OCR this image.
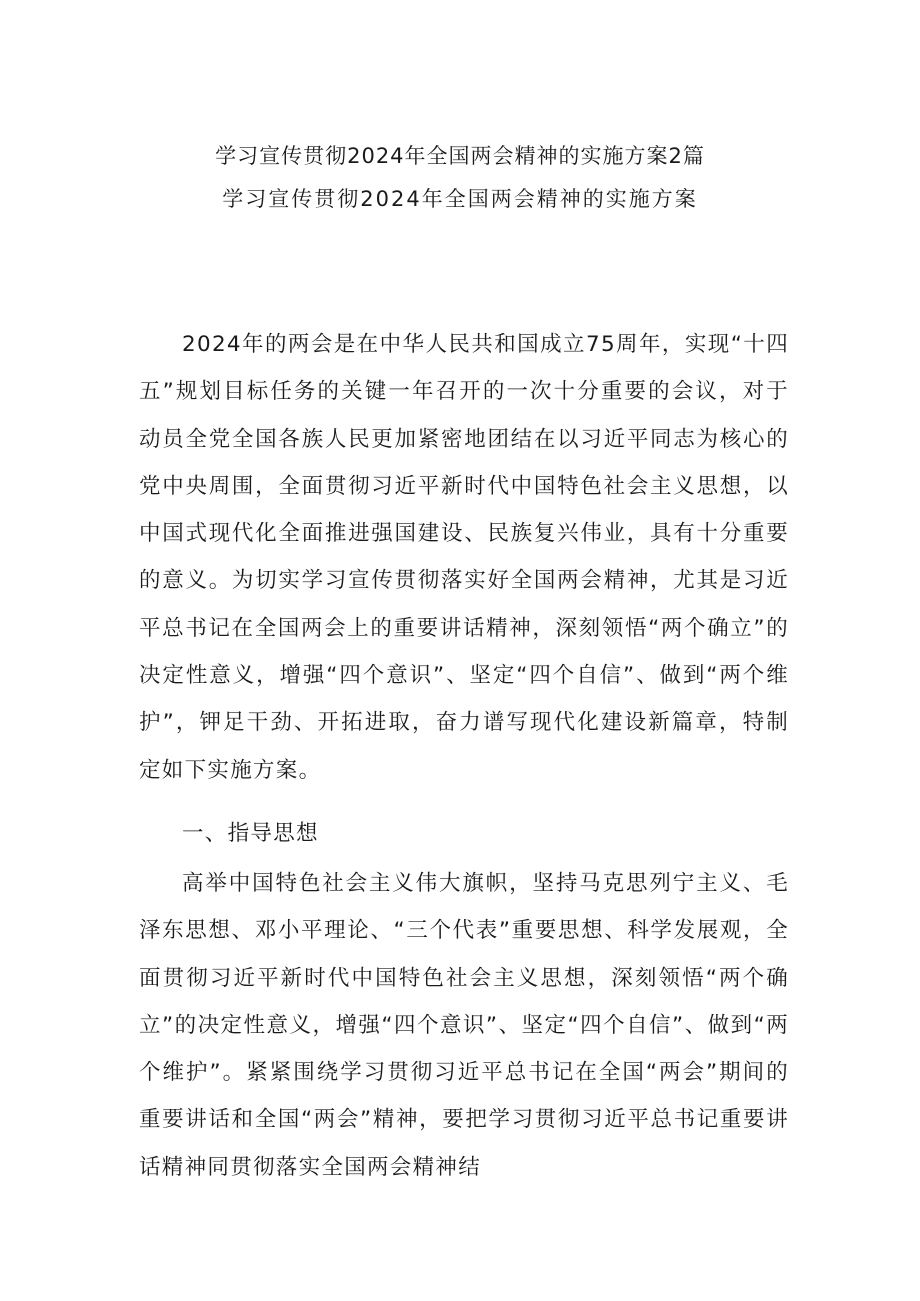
学习宣传贯彻2024年全国两会精神的实施方案2篇
学习宣传贯彻2024年全国两会精神的实施方案

2024年的两会是在中华人民共和国成立75周年，实现“十四五”规划目标任务的关键一年召开的一次十分重要的会议，对于动员全党全国各族人民更加紧密地团结在以习近平同志为核心的党中央周围，全面贯彻习近平新时代中国特色社会主义思想，以中国式现代化全面推进强国建设、民族复兴伟业，具有十分重要的意义。为切实学习宣传贯彻落实好全国两会精神，尤其是习近平总书记在全国两会上的重要讲话精神，深刻领悟“两个确立”的决定性意义，增强“四个意识”、坚定“四个自信”、做到“两个维护”，钾足干劲、开拓进取，奋力谱写现代化建设新篇章，特制定如下实施方案。

一、指导思想

高举中国特色社会主义伟大旗帜，坚持马克思列宁主义、毛泽东思想、邓小平理论、“三个代表”重要思想、科学发展观，全面贯彻习近平新时代中国特色社会主义思想，深刻领悟“两个确立”的决定性意义，增强“四个意识”、坚定“四个自信”、做到“两个维护”。紧紧围绕学习贯彻习近平总书记在全国“两会”期间的重要讲话和全国“两会”精神，要把学习贯彻习近平总书记重要讲话精神同贯彻落实全国两会精神结
